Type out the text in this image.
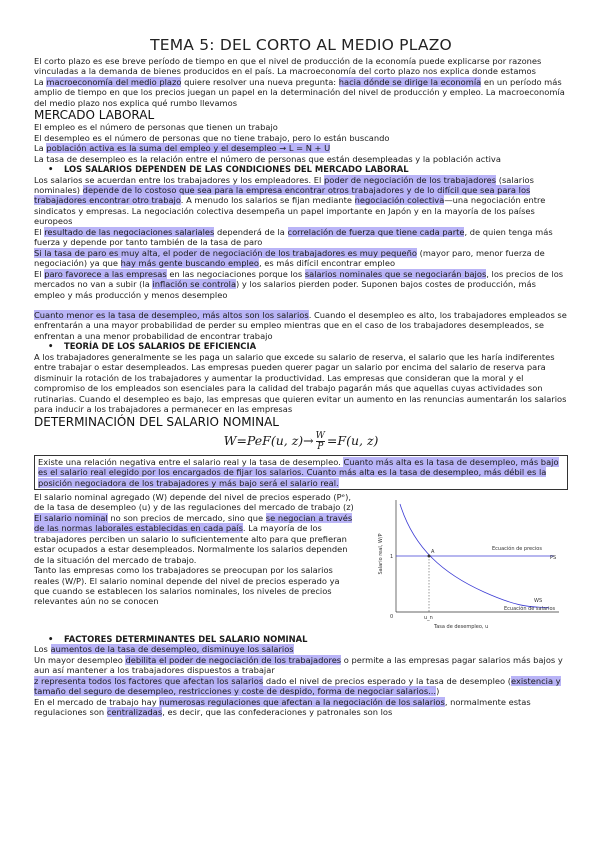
TEMA 5: DEL CORTO AL MEDIO PLAZO

El corto plazo es ese breve período de tiempo en que el nivel de producción de la economía puede explicarse por razones vinculadas a la demanda de bienes producidos en el país. La macroeconomía del corto plazo nos explica donde estamos

La macroeconomía del medio plazo quiere resolver una nueva pregunta: hacia dónde se dirige la economía en un período más amplio de tiempo en que los precios juegan un papel en la determinación del nivel de producción y empleo. La macroeconomía del medio plazo nos explica qué rumbo llevamos

MERCADO LABORAL

El empleo es el número de personas que tienen un trabajo

El desempleo es el número de personas que no tiene trabajo, pero lo están buscando

La población activa es la suma del empleo y el desempleo → L = N + U

La tasa de desempleo es la relación entre el número de personas que están desempleadas y la población activa

• LOS SALARIOS DEPENDEN DE LAS CONDICIONES DEL MERCADO LABORAL

Los salarios se acuerdan entre los trabajadores y los empleadores. El poder de negociación de los trabajadores (salarios nominales) depende de lo costoso que sea para la empresa encontrar otros trabajadores y de lo difícil que sea para los trabajadores encontrar otro trabajo. A menudo los salarios se fijan mediante negociación colectiva—una negociación entre sindicatos y empresas. La negociación colectiva desempeña un papel importante en Japón y en la mayoría de los países europeos

El resultado de las negociaciones salariales dependerá de la correlación de fuerza que tiene cada parte, de quien tenga más fuerza y depende por tanto también de la tasa de paro

Si la tasa de paro es muy alta, el poder de negociación de los trabajadores es muy pequeño (mayor paro, menor fuerza de negociación) ya que hay más gente buscando empleo, es más difícil encontrar empleo

El paro favorece a las empresas en las negociaciones porque los salarios nominales que se negociarán bajos, los precios de los mercados no van a subir (la inflación se controla) y los salarios pierden poder. Suponen bajos costes de producción, más empleo y más producción y menos desempleo

Cuanto menor es la tasa de desempleo, más altos son los salarios. Cuando el desempleo es alto, los trabajadores empleados se enfrentarán a una mayor probabilidad de perder su empleo mientras que en el caso de los trabajadores desempleados, se enfrentan a una menor probabilidad de encontrar trabajo

• TEORÍA DE LOS SALARIOS DE EFICIENCIA

A los trabajadores generalmente se les paga un salario que excede su salario de reserva, el salario que les haría indiferentes entre trabajar o estar desempleados. Las empresas pueden querer pagar un salario por encima del salario de reserva para disminuir la rotación de los trabajadores y aumentar la productividad. Las empresas que consideran que la moral y el compromiso de los empleados son esenciales para la calidad del trabajo pagarán más que aquellas cuyas actividades son rutinarias. Cuando el desempleo es bajo, las empresas que quieren evitar un aumento en las renuncias aumentarán los salarios para inducir a los trabajadores a permanecer en las empresas

DETERMINACIÓN DEL SALARIO NOMINAL
W=PeF(u, $z)\to \frac{W}{P} =F(u$, z)

Existe una relación negativa entre el salario real y la tasa de desempleo. Cuanto más alta es la tasa de desempleo, más bajo es el salario real elegido por los encargados de fijar los salarios. Cuanto más alta es la tasa de desempleo, más débil es la posición negociadora de los trabajadores y más bajo será el salario real.

El salario nominal agregado (W) depende del nivel de precios esperado (Pᵉ), de la tasa de desempleo (u) y de las regulaciones del mercado de trabajo (z)

El salario nominal no son precios de mercado, sino que se negocian a través de las normas laborales establecidas en cada país. La mayoría de los trabajadores perciben un salario lo suficientemente alto para que prefieran estar ocupados a estar desempleados. Normalmente los salarios dependen de la situación del mercado de trabajo.

Tanto las empresas como los trabajadores se preocupan por los salarios reales (W/P). El salario nominal depende del nivel de precios esperado ya que cuando se establecen los salarios nominales, los niveles de precios relevantes aún no se conocen

Salario real, W/P
Tasa de desempleo, u
0
A
1
u_n
Ecuación de precios
PS
WS
Ecuación de salarios
• FACTORES DETERMINANTES DEL SALARIO NOMINAL

Los aumentos de la tasa de desempleo, disminuye los salarios

Un mayor desempleo debilita el poder de negociación de los trabajadores o permite a las empresas pagar salarios más bajos y aun así mantener a los trabajadores dispuestos a trabajar

z representa todos los factores que afectan los salarios dado el nivel de precios esperado y la tasa de desempleo (existencia y tamaño del seguro de desempleo, restricciones y coste de despido, forma de negociar salarios...)

En el mercado de trabajo hay numerosas regulaciones que afectan a la negociación de los salarios, normalmente estas regulaciones son centralizadas, es decir, que las confederaciones y patronales son los
